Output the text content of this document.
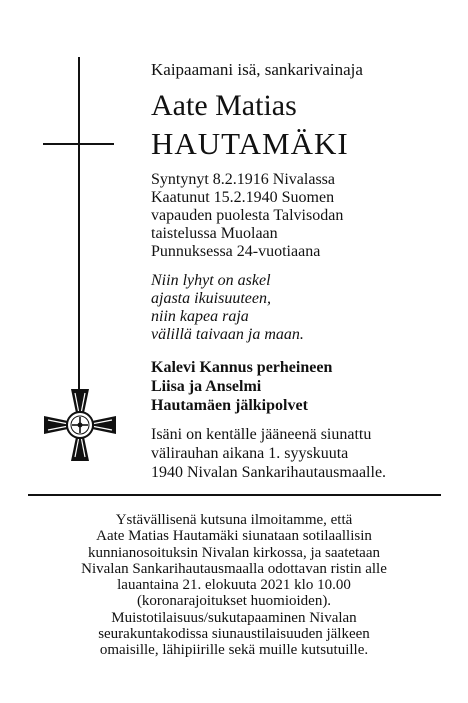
Kaipaamani isä, sankarivainaja
Aate Matias
HAUTAMÄKI
Syntynyt 8.2.1916 Nivalassa
Kaatunut 15.2.1940 Suomen
vapauden puolesta Talvisodan
taistelussa Muolaan
Punnuksessa 24-vuotiaana
Niin lyhyt on askel
ajasta ikuisuuteen,
niin kapea raja
välillä taivaan ja maan.
Kalevi Kannus perheineen
Liisa ja Anselmi
Hautamäen jälkipolvet
Isäni on kentälle jääneenä siunattu
välirauhan aikana 1. syyskuuta
1940 Nivalan Sankarihautausmaalle.
Ystävällisenä kutsuna ilmoitamme, että
Aate Matias Hautamäki siunataan sotilaallisin
kunnianosoituksin Nivalan kirkossa, ja saatetaan
Nivalan Sankarihautausmaalla odottavan ristin alle
lauantaina 21. elokuuta 2021 klo 10.00
(koronarajoitukset huomioiden).
Muistotilaisuus/sukutapaaminen Nivalan
seurakuntakodissa siunaustilaisuuden jälkeen
omaisille, lähipiirille sekä muille kutsutuille.
